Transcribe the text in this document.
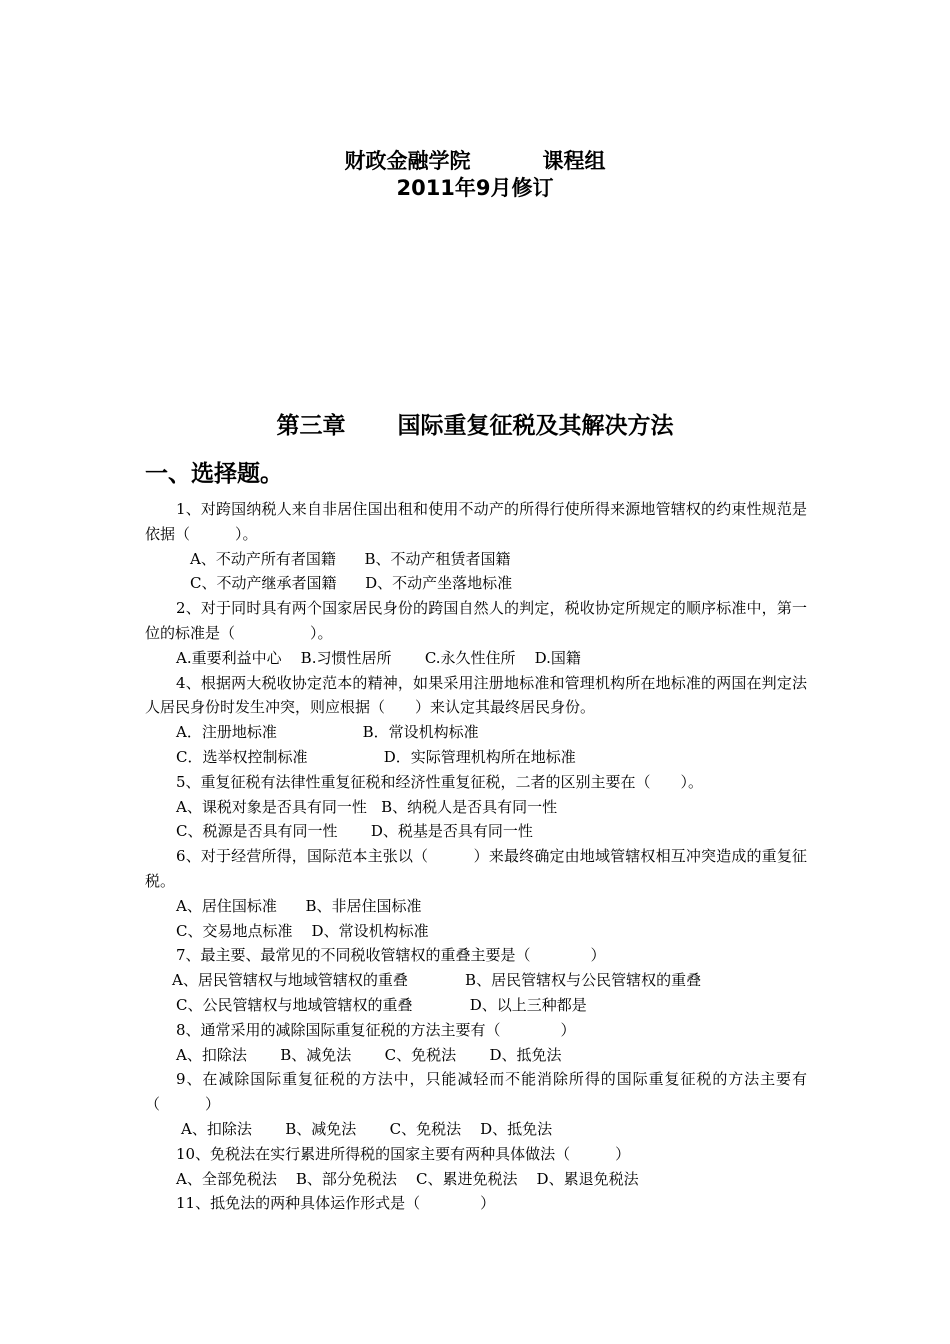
财政金融学院	课程组
2011年9月修订
第三章 国际重复征税及其解决方法
一、选择题。

1、对跨国纳税人来自非居住国出租和使用不动产的所得行使所得来源地管辖权的约束性规范是依据（　　　）。

A、不动产所有者国籍      B、不动产租赁者国籍

C、不动产继承者国籍      D、不动产坐落地标准

2、对于同时具有两个国家居民身份的跨国自然人的判定，税收协定所规定的顺序标准中，第一位的标准是（　　　　　）。

A.重要利益中心    B.习惯性居所       C.永久性住所    D.国籍

4、根据两大税收协定范本的精神，如果采用注册地标准和管理机构所在地标准的两国在判定法人居民身份时发生冲突，则应根据（　　）来认定其最终居民身份。

A．注册地标准                  B．常设机构标准

C．选举权控制标准                D．实际管理机构所在地标准

5、重复征税有法律性重复征税和经济性重复征税，二者的区别主要在（　　）。

A、课税对象是否具有同一性   B、纳税人是否具有同一性

C、税源是否具有同一性       D、税基是否具有同一性

6、对于经营所得，国际范本主张以（　　　）来最终确定由地域管辖权相互冲突造成的重复征税。

A、居住国标准      B、非居住国标准

C、交易地点标准    D、常设机构标准

7、最主要、最常见的不同税收管辖权的重叠主要是（　　　　）

A、居民管辖权与地域管辖权的重叠            B、居民管辖权与公民管辖权的重叠

C、公民管辖权与地域管辖权的重叠            D、以上三种都是

8、通常采用的减除国际重复征税的方法主要有（　　　　）

A、扣除法       B、减免法       C、免税法       D、抵免法

9、在减除国际重复征税的方法中，只能减轻而不能消除所得的国际重复征税的方法主要有（　　　）

A、扣除法       B、减免法       C、免税法    D、抵免法

10、免税法在实行累进所得税的国家主要有两种具体做法（　　　）

A、全部免税法    B、部分免税法    C、累进免税法    D、累退免税法

11、抵免法的两种具体运作形式是（　　　　）
